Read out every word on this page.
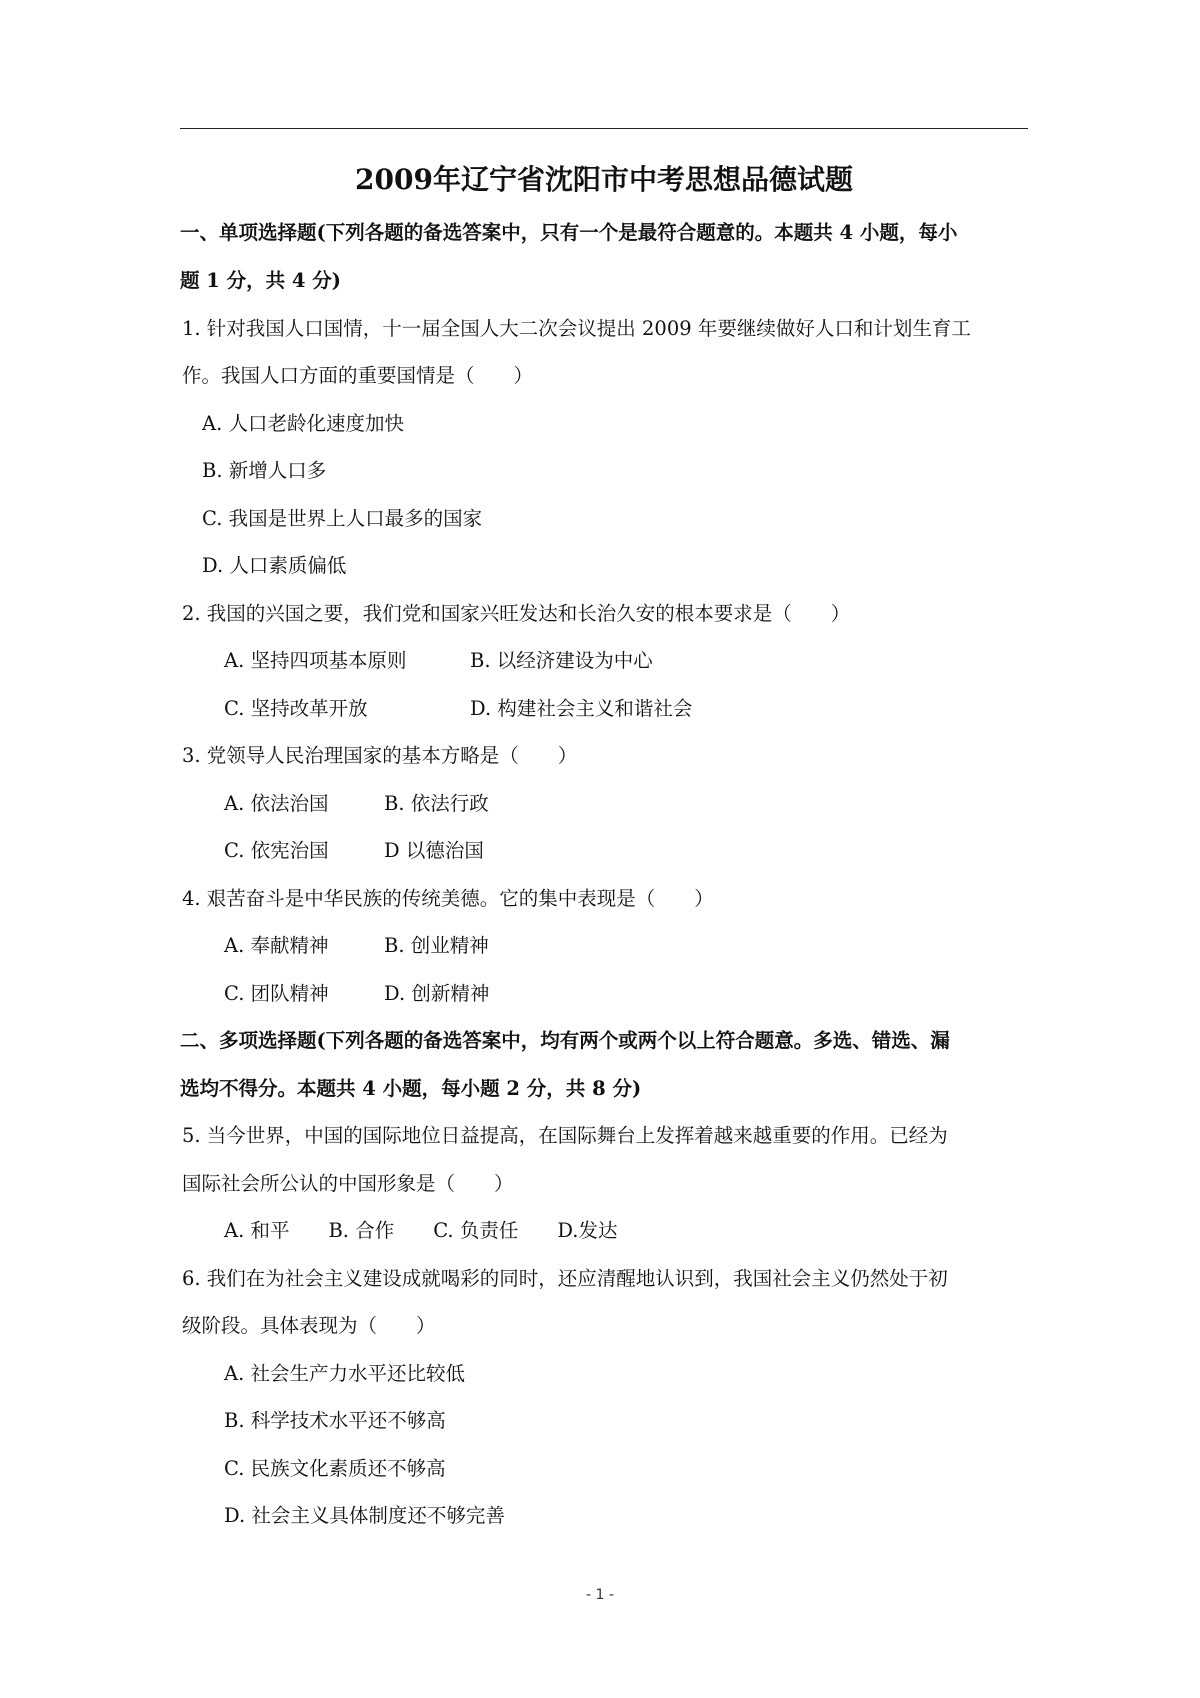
2009年辽宁省沈阳市中考思想品德试题
一、单项选择题(下列各题的备选答案中，只有一个是最符合题意的。本题共 4 小题，每小
题 1 分，共 4 分)
1. 针对我国人口国情，十一届全国人大二次会议提出 2009 年要继续做好人口和计划生育工
作。我国人口方面的重要国情是（　　）
A. 人口老龄化速度加快
B. 新增人口多
C. 我国是世界上人口最多的国家
D. 人口素质偏低
2. 我国的兴国之要，我们党和国家兴旺发达和长治久安的根本要求是（　　）
A. 坚持四项基本原则	B. 以经济建设为中心
C. 坚持改革开放	D. 构建社会主义和谐社会
3. 党领导人民治理国家的基本方略是（　　）
A. 依法治国	B. 依法行政
C. 依宪治国	D 以德治国
4. 艰苦奋斗是中华民族的传统美德。它的集中表现是（　　）
A. 奉献精神	B. 创业精神
C. 团队精神	D. 创新精神
二、多项选择题(下列各题的备选答案中，均有两个或两个以上符合题意。多选、错选、漏
选均不得分。本题共 4 小题，每小题 2 分，共 8 分)
5. 当今世界，中国的国际地位日益提高，在国际舞台上发挥着越来越重要的作用。已经为
国际社会所公认的中国形象是（　　）
A. 和平　　B. 合作　　C. 负责任　　D.发达
6. 我们在为社会主义建设成就喝彩的同时，还应清醒地认识到，我国社会主义仍然处于初
级阶段。具体表现为（　　）
A. 社会生产力水平还比较低
B. 科学技术水平还不够高
C. 民族文化素质还不够高
D. 社会主义具体制度还不够完善
- 1 -
